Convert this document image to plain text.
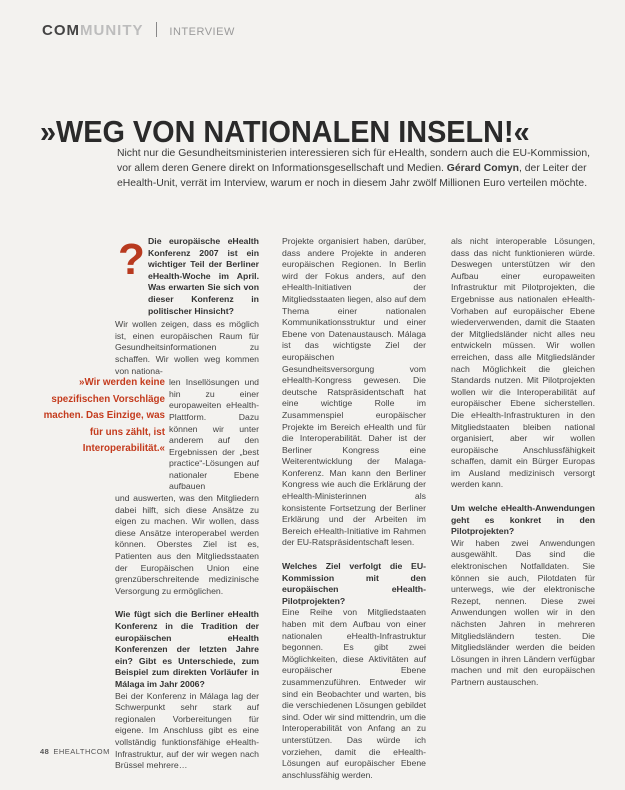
COMMUNITY INTERVIEW
»WEG VON NATIONALEN INSELN!«
Nicht nur die Gesundheitsministerien interessieren sich für eHealth, sondern auch die EU-Kommission, vor allem deren Genere direkt on Informationsgesellschaft und Medien. Gérard Comyn, der Leiter der eHealth-Unit, verrät im Interview, warum er noch in diesem Jahr zwölf Millionen Euro verteilen möchte.
? Die europäische eHealth Konferenz 2007 ist ein wichtiger Teil der Berliner eHealth-Woche im April. Was erwarten Sie sich von dieser Konferenz in politischer Hinsicht?

Wir wollen zeigen, dass es möglich ist, einen europäischen Raum für Gesundheitsinformationen zu schaffen. Wir wollen weg kommen von nationa-

len Insellösungen und hin zu einer europaweiten eHealth-Plattform. Dazu können wir unter anderem auf den Ergebnissen der „best practice“-Lösungen auf nationaler Ebene aufbauen

und auswerten, was den Mitgliedern dabei hilft, sich diese Ansätze zu eigen zu machen. Wir wollen, dass diese Ansätze interoperabel werden können. Oberstes Ziel ist es, Patienten aus den Mitgliedsstaaten der Europäischen Union eine grenzüberschreitende medizinische Versorgung zu ermöglichen.

Wie fügt sich die Berliner eHealth Konferenz in die Tradition der europäischen eHealth Konferenzen der letzten Jahre ein? Gibt es Unterschiede, zum Beispiel zum direkten Vorläufer in Málaga im Jahr 2006?

Bei der Konferenz in Málaga lag der Schwerpunkt sehr stark auf regionalen Vorbereitungen für eigene. Im Anschluss gibt es eine vollständig funktionsfähige eHealth-Infrastruktur, auf der wir wegen nach Brüssel mehrere…

»Wir werden keine spezifischen Vorschläge machen. Das Einzige, was für uns zählt, ist Interoperabilität.«

Projekte organisiert haben, darüber, dass andere Projekte in anderen europäischen Regionen. In Berlin wird der Fokus anders, auf den eHealth-Initiativen der Mitgliedsstaaten liegen, also auf dem Thema einer nationalen Kommunikationsstruktur und einer Ebene von Datenaustausch. Málaga ist das wichtigste Ziel der europäischen Gesundheitsversorgung vom eHealth-Kongress gewesen. Die deutsche Ratspräsidentschaft hat eine wichtige Rolle im Zusammenspiel europäischer Projekte im Bereich eHealth und für die Interoperabilität. Daher ist der Berliner Kongress eine Weiterentwicklung der Malaga-Konferenz. Man kann den Berliner Kongress wie auch die Erklärung der eHealth-Ministerinnen als konsistente Fortsetzung der Berliner Erklärung und der Arbeiten im Bereich eHealth-Initiative im Rahmen der EU-Ratspräsidentschaft lesen.

Welches Ziel verfolgt die EU-Kommission mit den europäischen eHealth-Pilotprojekten?

Eine Reihe von Mitgliedstaaten haben mit dem Aufbau von einer nationalen eHealth-Infrastruktur begonnen. Es gibt zwei Möglichkeiten, diese Aktivitäten auf europäischer Ebene zusammenzuführen. Entweder wir sind ein Beobachter und warten, bis die verschiedenen Lösungen gebildet sind. Oder wir sind mittendrin, um die Interoperabilität von Anfang an zu unterstützen. Das würde ich vorziehen, damit die eHealth-Lösungen auf europäischer Ebene anschlussfähig werden.

als nicht interoperable Lösungen, dass das nicht funktionieren würde. Deswegen unterstützen wir den Aufbau einer europaweiten Infrastruktur mit Pilotprojekten, die Ergebnisse aus nationalen eHealth-Vorhaben auf europäischer Ebene wiederverwenden, damit die Staaten der Mitgliedsländer nicht alles neu entwickeln müssen. Wir wollen erreichen, dass alle Mitgliedsländer nach Möglichkeit die gleichen Standards nutzen. Mit Pilotprojekten wollen wir die Interoperabilität auf europäischer Ebene sicherstellen. Die eHealth-Infrastrukturen in den Mitgliedstaaten bleiben national organisiert, aber wir wollen europäische Anschlussfähigkeit schaffen, damit ein Bürger Europas im Ausland medizinisch versorgt werden kann.

Um welche eHealth-Anwendungen geht es konkret in den Pilotprojekten?

Wir haben zwei Anwendungen ausgewählt. Das sind die elektronischen Notfalldaten. Sie können sie auch, Pilotdaten für unterwegs, wie der elektronische Rezept, nennen. Diese zwei Anwendungen wollen wir in den nächsten Jahren in mehreren Mitgliedsländern testen. Die Mitgliedsländer werden die beiden Lösungen in ihren Ländern verfügbar machen und mit den europäischen Partnern austauschen.

48 EHEALTHCOM
